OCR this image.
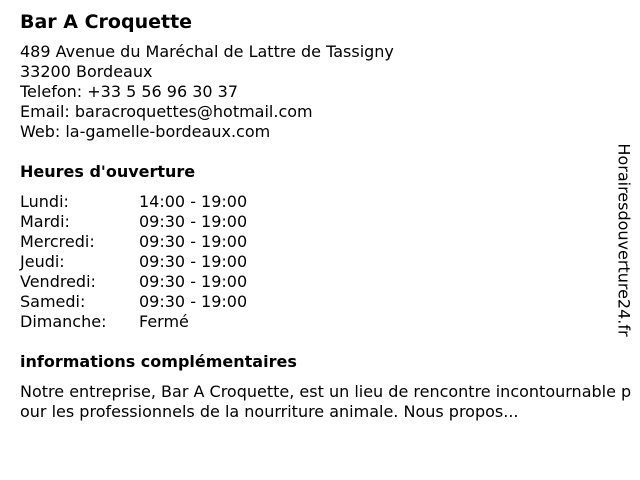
Bar A Croquette
489 Avenue du Maréchal de Lattre de Tassigny
33200 Bordeaux
Telefon: +33 5 56 96 30 37
Email: baracroquettes@hotmail.com
Web: la-gamelle-bordeaux.com
Heures d'ouverture
Lundi:	14:00 - 19:00
Mardi:	09:30 - 19:00
Mercredi:	09:30 - 19:00
Jeudi:	09:30 - 19:00
Vendredi:	09:30 - 19:00
Samedi:	09:30 - 19:00
Dimanche:	Fermé
informations complémentaires
Notre entreprise, Bar A Croquette, est un lieu de rencontre incontournable pour les professionnels de la nourriture animale. Nous propos...
Horairesdouverture24.fr
